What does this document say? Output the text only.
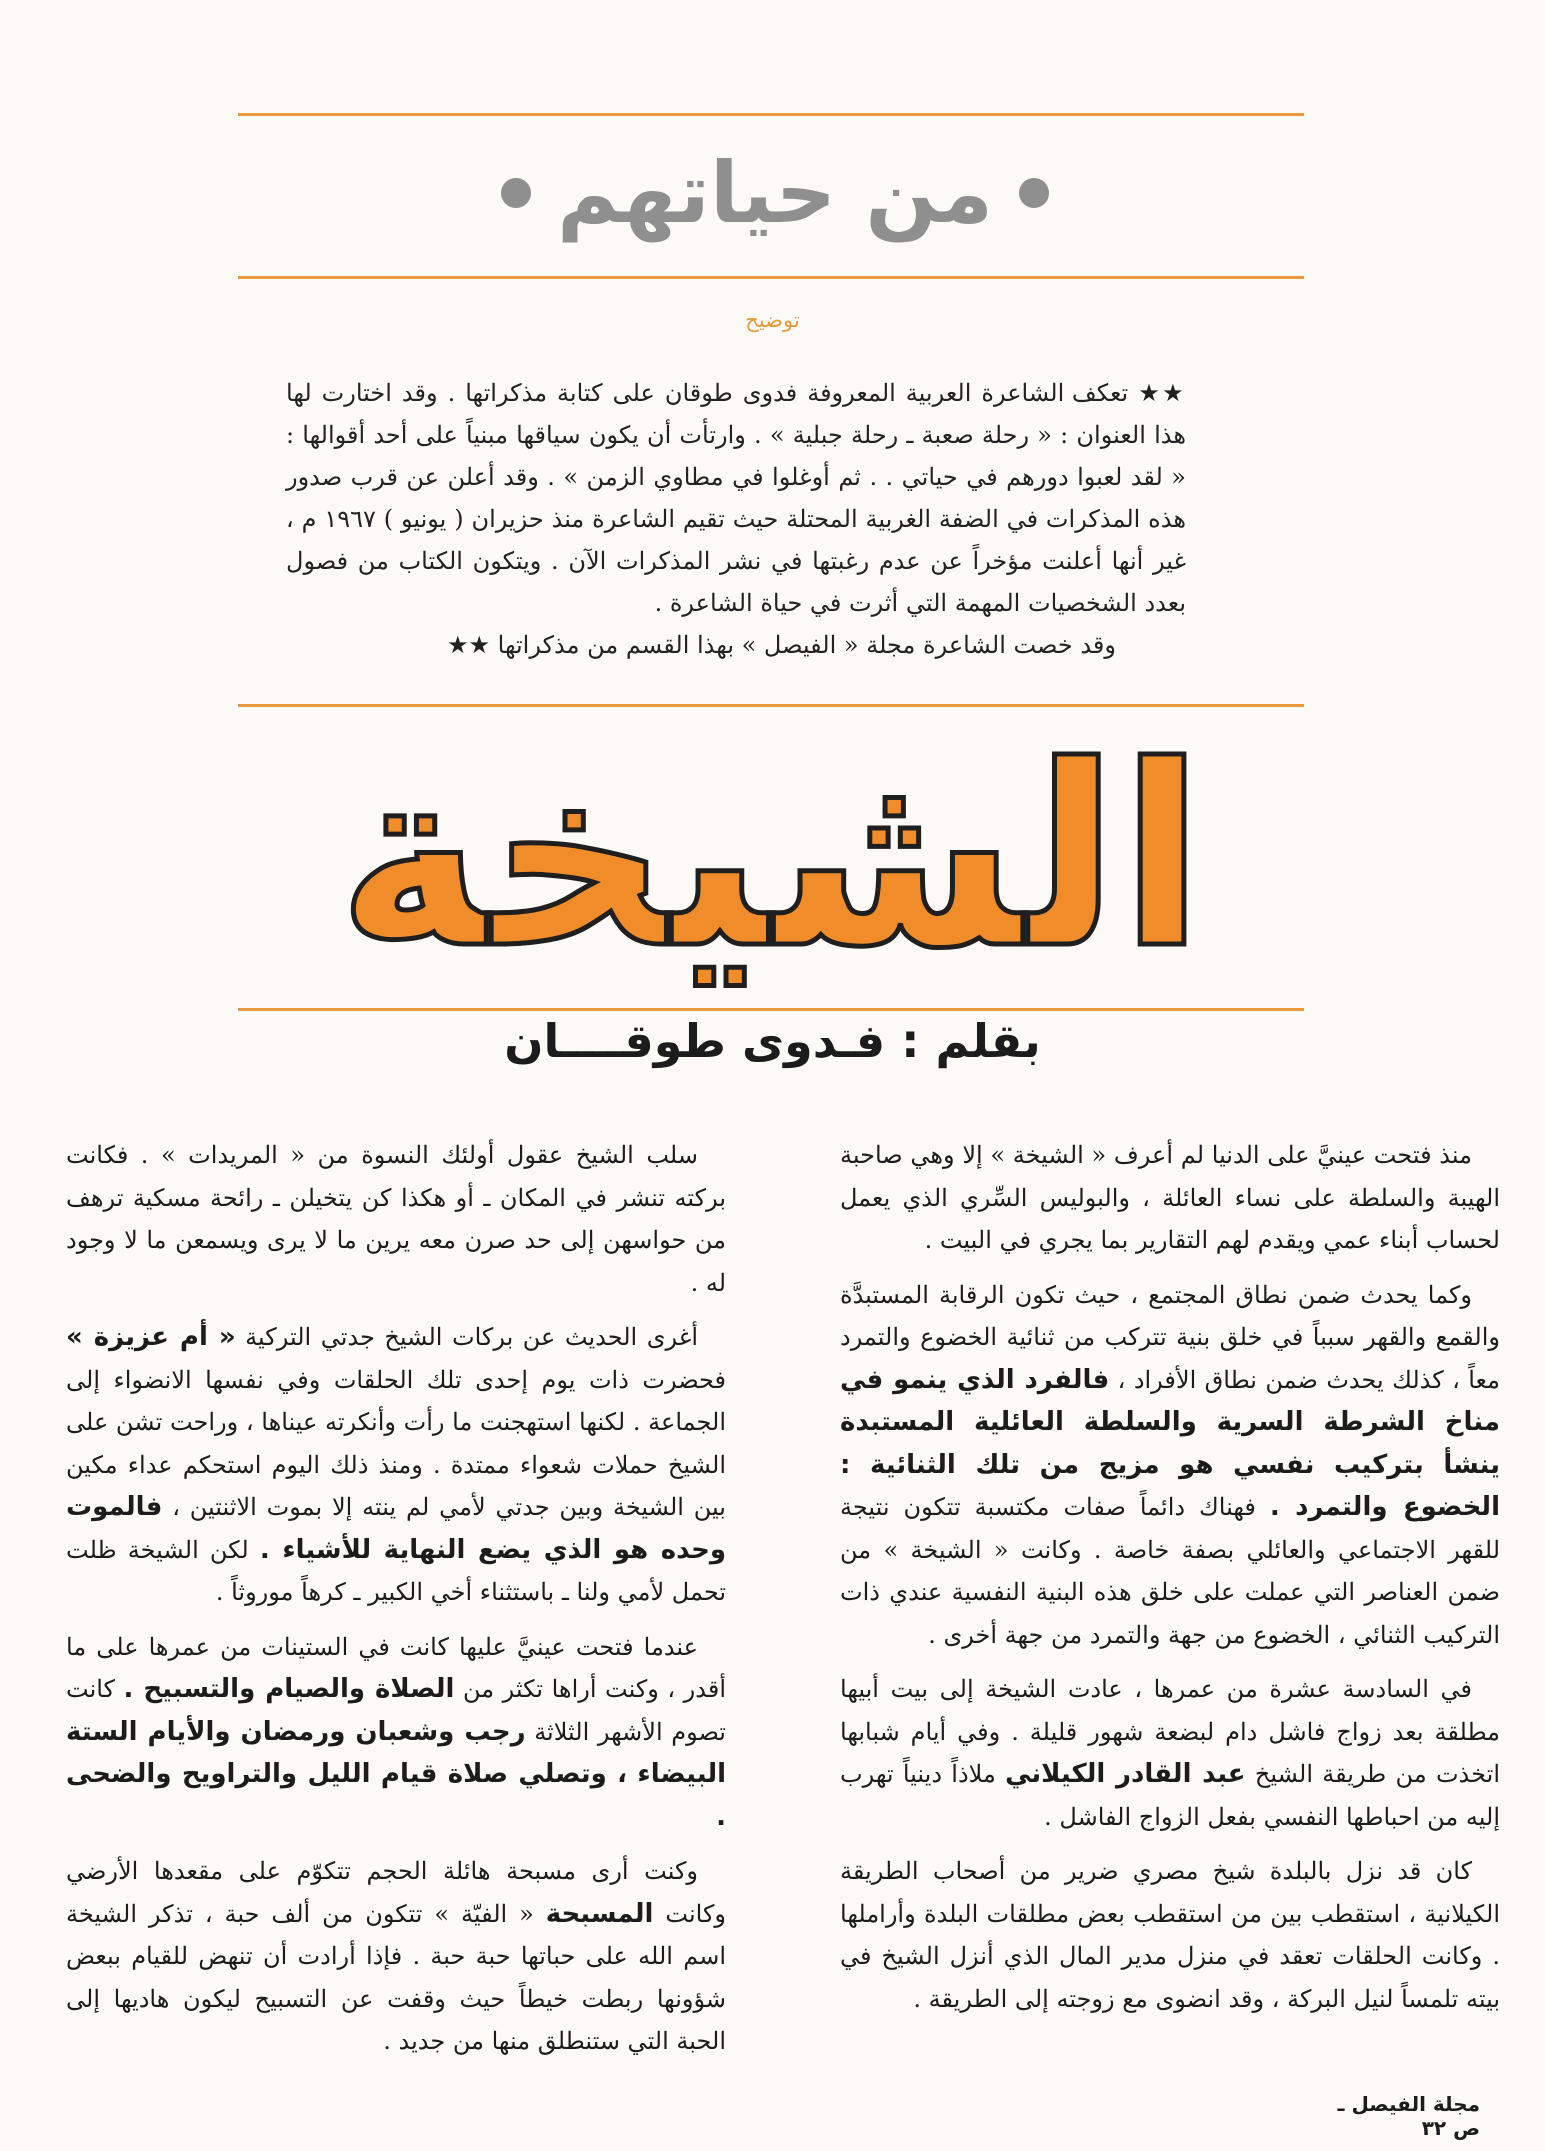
من حياتهم
توضيح

★★ تعكف الشاعرة العربية المعروفة فدوى طوقان على كتابة مذكراتها . وقد اختارت لها هذا العنوان : « رحلة صعبة ـ رحلة جبلية » . وارتأت أن يكون سياقها مبنياً على أحد أقوالها : « لقد لعبوا دورهم في حياتي . . ثم أوغلوا في مطاوي الزمن » . وقد أعلن عن قرب صدور هذه المذكرات في الضفة الغربية المحتلة حيث تقيم الشاعرة منذ حزيران ( يونيو ) ١٩٦٧ م ، غير أنها أعلنت مؤخراً عن عدم رغبتها في نشر المذكرات الآن . ويتكون الكتاب من فصول بعدد الشخصيات المهمة التي أثرت في حياة الشاعرة .

وقد خصت الشاعرة مجلة « الفيصل » بهذا القسم من مذكراتها ★★

الشيخة
بقلم : فـدوى طوقــــان

منذ فتحت عينيَّ على الدنيا لم أعرف « الشيخة » إلا وهي صاحبة الهيبة والسلطة على نساء العائلة ، والبوليس السِّري الذي يعمل لحساب أبناء عمي ويقدم لهم التقارير بما يجري في البيت .

وكما يحدث ضمن نطاق المجتمع ، حيث تكون الرقابة المستبدَّة والقمع والقهر سبباً في خلق بنية تتركب من ثنائية الخضوع والتمرد معاً ، كذلك يحدث ضمن نطاق الأفراد ، فالفرد الذي ينمو في مناخ الشرطة السرية والسلطة العائلية المستبدة ينشأ بتركيب نفسي هو مزيج من تلك الثنائية : الخضوع والتمرد . فهناك دائماً صفات مكتسبة تتكون نتيجة للقهر الاجتماعي والعائلي بصفة خاصة . وكانت « الشيخة » من ضمن العناصر التي عملت على خلق هذه البنية النفسية عندي ذات التركيب الثنائي ، الخضوع من جهة والتمرد من جهة أخرى .

في السادسة عشرة من عمرها ، عادت الشيخة إلى بيت أبيها مطلقة بعد زواج فاشل دام لبضعة شهور قليلة . وفي أيام شبابها اتخذت من طريقة الشيخ عبد القادر الكيلاني ملاذاً دينياً تهرب إليه من احباطها النفسي بفعل الزواج الفاشل .

كان قد نزل بالبلدة شيخ مصري ضرير من أصحاب الطريقة الكيلانية ، استقطب بين من استقطب بعض مطلقات البلدة وأراملها . وكانت الحلقات تعقد في منزل مدير المال الذي أنزل الشيخ في بيته تلمساً لنيل البركة ، وقد انضوى مع زوجته إلى الطريقة .

سلب الشيخ عقول أولئك النسوة من « المريدات » . فكانت بركته تنشر في المكان ـ أو هكذا كن يتخيلن ـ رائحة مسكية ترهف من حواسهن إلى حد صرن معه يرين ما لا يرى ويسمعن ما لا وجود له .

أغرى الحديث عن بركات الشيخ جدتي التركية « أم عزيزة » فحضرت ذات يوم إحدى تلك الحلقات وفي نفسها الانضواء إلى الجماعة . لكنها استهجنت ما رأت وأنكرته عيناها ، وراحت تشن على الشيخ حملات شعواء ممتدة . ومنذ ذلك اليوم استحكم عداء مكين بين الشيخة وبين جدتي لأمي لم ينته إلا بموت الاثنتين ، فالموت وحده هو الذي يضع النهاية للأشياء . لكن الشيخة ظلت تحمل لأمي ولنا ـ باستثناء أخي الكبير ـ كرهاً موروثاً .

عندما فتحت عينيَّ عليها كانت في الستينات من عمرها على ما أقدر ، وكنت أراها تكثر من الصلاة والصيام والتسبيح . كانت تصوم الأشهر الثلاثة رجب وشعبان ورمضان والأيام الستة البيضاء ، وتصلي صلاة قيام الليل والتراويح والضحى .

وكنت أرى مسبحة هائلة الحجم تتكوّم على مقعدها الأرضي وكانت المسبحة « الفيّة » تتكون من ألف حبة ، تذكر الشيخة اسم الله على حباتها حبة حبة . فإذا أرادت أن تنهض للقيام ببعض شؤونها ربطت خيطاً حيث وقفت عن التسبيح ليكون هاديها إلى الحبة التي ستنطلق منها من جديد .

مجلة الفيصل ـ ص ٣٢
